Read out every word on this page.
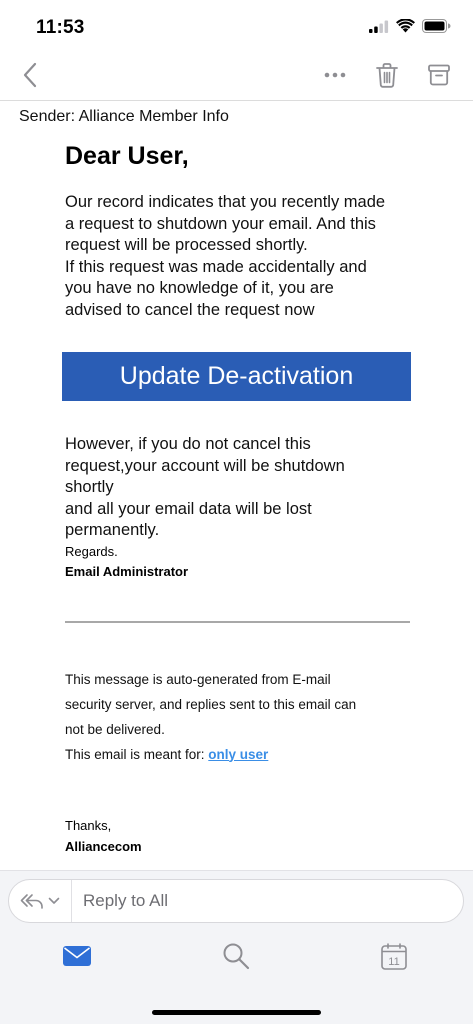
11:53
Sender: Alliance Member Info
Dear User,
Our record indicates that you recently made
a request to shutdown your email. And this
request will be processed shortly.
If this request was made accidentally and
you have no knowledge of it, you are
advised to cancel the request now
Update De-activation
However, if you do not cancel this
request,your account will be shutdown
shortly
and all your email data will be lost
permanently.
Regards.
Email Administrator
This message is auto-generated from E-mail
security server, and replies sent to this email can
not be delivered.
This email is meant for: only user
Thanks,
Alliancecom
Reply to All
11
